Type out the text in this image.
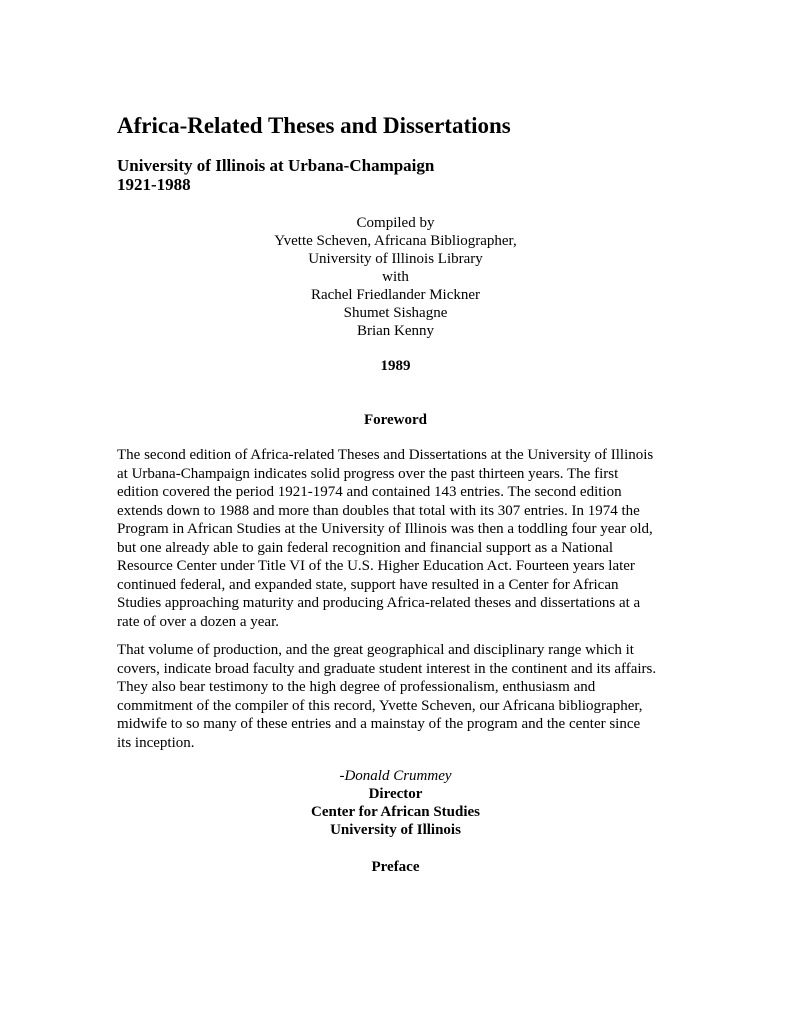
Africa-Related Theses and Dissertations
University of Illinois at Urbana-Champaign
1921-1988
Compiled by
Yvette Scheven, Africana Bibliographer,
University of Illinois Library
with
Rachel Friedlander Mickner
Shumet Sishagne
Brian Kenny
1989
Foreword

The second edition of Africa-related Theses and Dissertations at the University of Illinois
at Urbana-Champaign indicates solid progress over the past thirteen years. The first
edition covered the period 1921-1974 and contained 143 entries. The second edition
extends down to 1988 and more than doubles that total with its 307 entries. In 1974 the
Program in African Studies at the University of Illinois was then a toddling four year old,
but one already able to gain federal recognition and financial support as a National
Resource Center under Title VI of the U.S. Higher Education Act. Fourteen years later
continued federal, and expanded state, support have resulted in a Center for African
Studies approaching maturity and producing Africa-related theses and dissertations at a
rate of over a dozen a year.

That volume of production, and the great geographical and disciplinary range which it
covers, indicate broad faculty and graduate student interest in the continent and its affairs.
They also bear testimony to the high degree of professionalism, enthusiasm and
commitment of the compiler of this record, Yvette Scheven, our Africana bibliographer,
midwife to so many of these entries and a mainstay of the program and the center since
its inception.

-Donald Crummey
Director
Center for African Studies
University of Illinois
Preface
